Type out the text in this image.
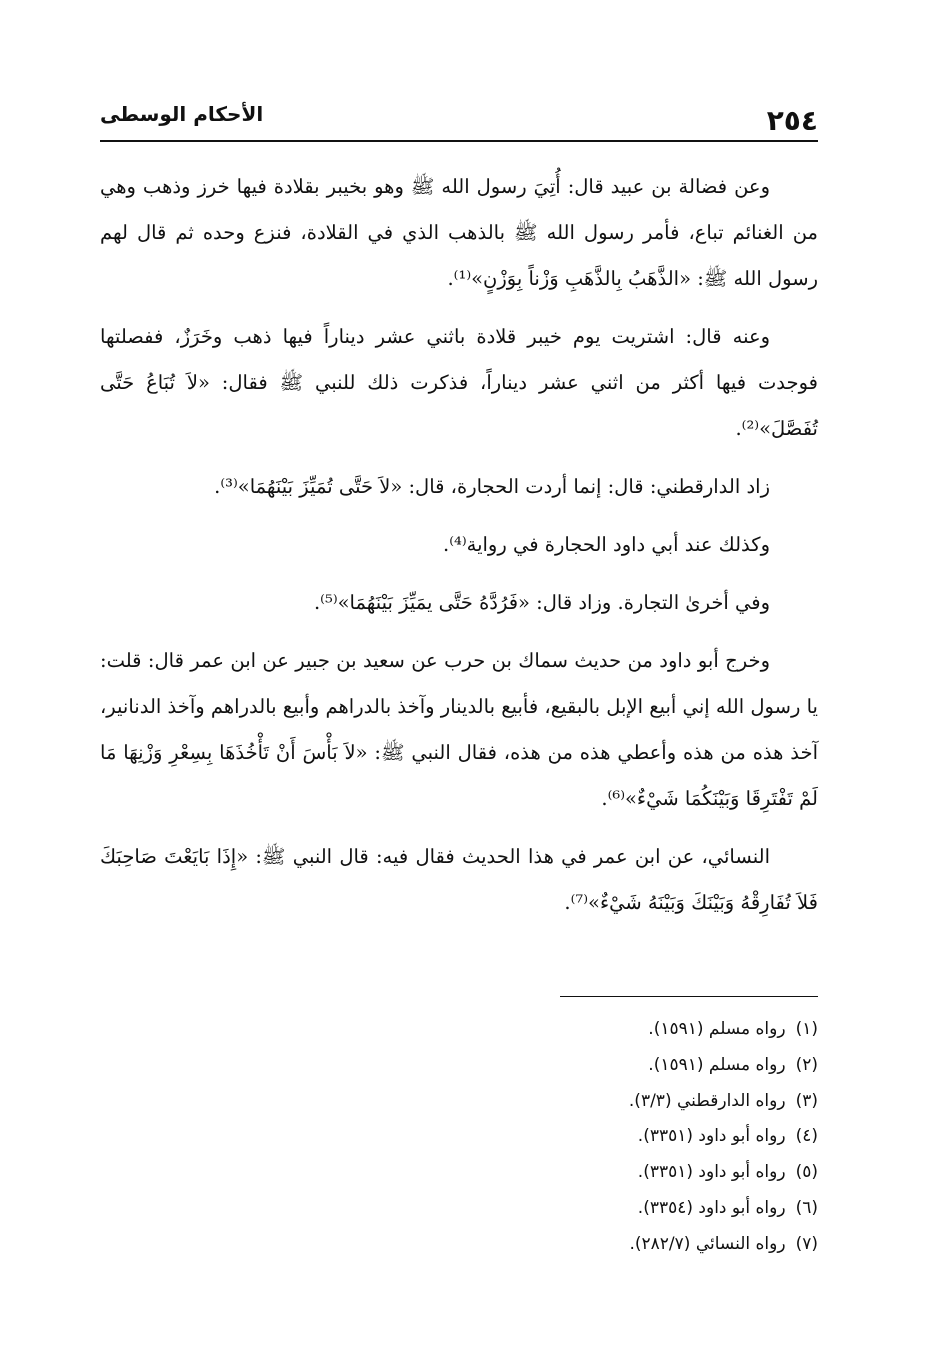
٢٥٤
الأحكام الوسطى

وعن فضالة بن عبيد قال: أُتِيَ رسول الله ﷺ وهو بخيبر بقلادة فيها خرز وذهب وهي من الغنائم تباع، فأمر رسول الله ﷺ بالذهب الذي في القلادة، فنزع وحده ثم قال لهم رسول الله ﷺ: «الذَّهَبُ بِالذَّهَبِ وَزْناً بِوَزْنٍ»⁽¹⁾.

وعنه قال: اشتريت يوم خيبر قلادة باثني عشر ديناراً فيها ذهب وخَرَزٌ، ففصلتها فوجدت فيها أكثر من اثني عشر ديناراً، فذكرت ذلك للنبي ﷺ فقال: «لاَ تُبَاعُ حَتَّى تُفَصَّلَ»⁽²⁾.

زاد الدارقطني: قال: إنما أردت الحجارة، قال: «لاَ حَتَّى تُمَيِّزَ بَيْنَهُمَا»⁽³⁾.

وكذلك عند أبي داود الحجارة في رواية⁽⁴⁾.

وفي أخرىٰ التجارة. وزاد قال: «فَرُدَّهُ حَتَّى يمَيِّزَ بَيْنَهُمَا»⁽⁵⁾.

وخرج أبو داود من حديث سماك بن حرب عن سعيد بن جبير عن ابن عمر قال: قلت: يا رسول الله إني أبيع الإبل بالبقيع، فأبيع بالدينار وآخذ بالدراهم وأبيع بالدراهم وآخذ الدنانير، آخذ هذه من هذه وأعطي هذه من هذه، فقال النبي ﷺ: «لاَ بَأْسَ أَنْ تَأْخُذَهَا بِسِعْرِ وَزْنِهَا مَا لَمْ تَفْتَرِقَا وَبَيْنَكُمَا شَيْءٌ»⁽⁶⁾.

النسائي، عن ابن عمر في هذا الحديث فقال فيه: قال النبي ﷺ: «إِذَا بَايَعْتَ صَاحِبَكَ فَلاَ تُفَارِقْهُ وَبَيْنَكَ وَبَيْنَهُ شَيْءٌ»⁽⁷⁾.

(١)رواه مسلم (١٥٩١).
(٢)رواه مسلم (١٥٩١).
(٣)رواه الدارقطني (٣/٣).
(٤)رواه أبو داود (٣٣٥١).
(٥)رواه أبو داود (٣٣٥١).
(٦)رواه أبو داود (٣٣٥٤).
(٧)رواه النسائي (٢٨٢/٧).
